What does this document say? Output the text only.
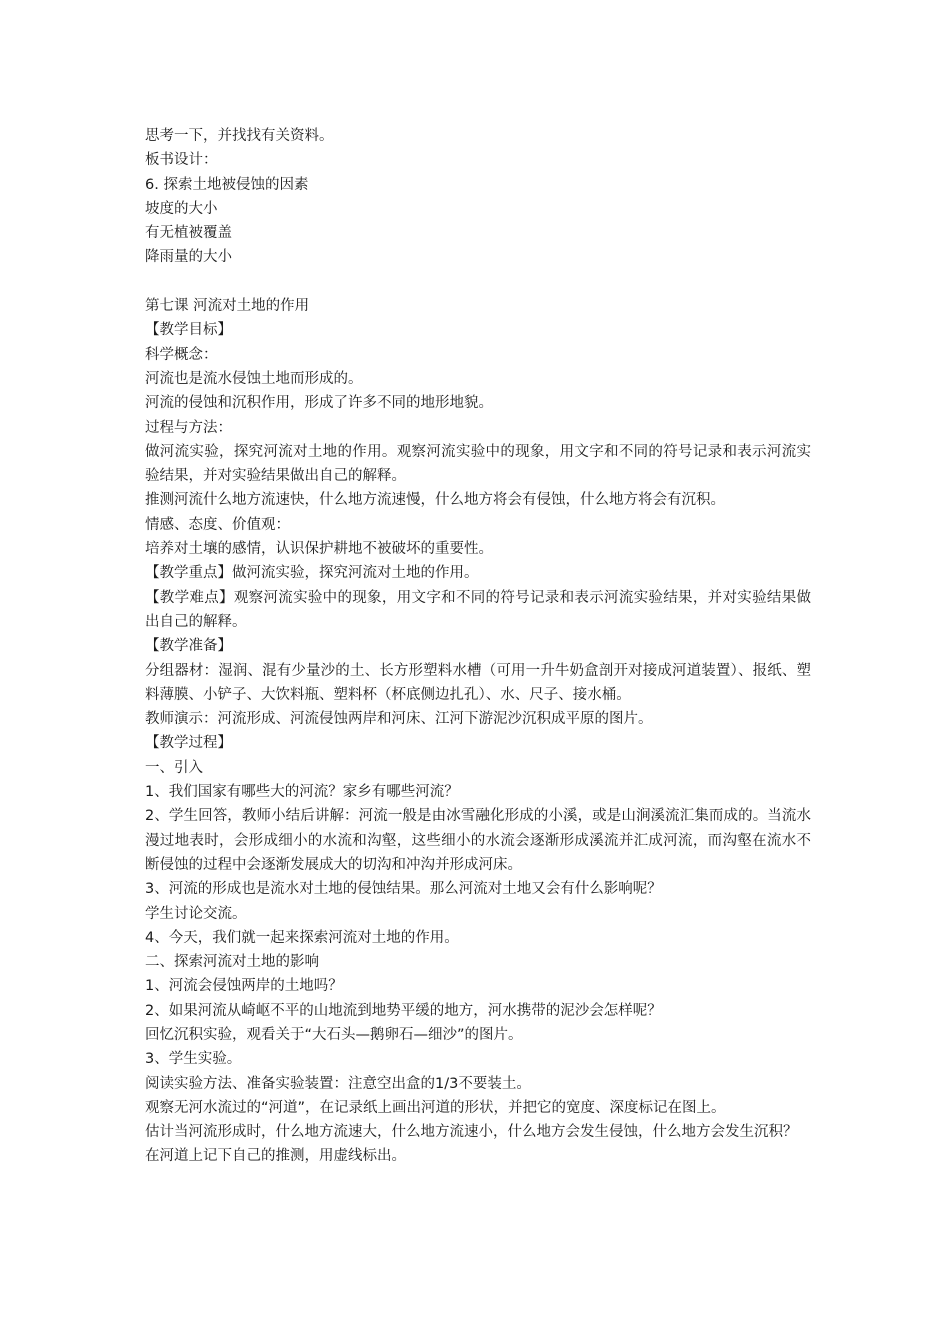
思考一下，并找找有关资料。

板书设计：

6. 探索土地被侵蚀的因素

坡度的大小

有无植被覆盖

降雨量的大小

第七课 河流对土地的作用

【教学目标】

科学概念：

河流也是流水侵蚀土地而形成的。

河流的侵蚀和沉积作用，形成了许多不同的地形地貌。

过程与方法：

做河流实验，探究河流对土地的作用。观察河流实验中的现象，用文字和不同的符号记录和表示河流实验结果，并对实验结果做出自己的解释。

推测河流什么地方流速快，什么地方流速慢，什么地方将会有侵蚀，什么地方将会有沉积。

情感、态度、价值观：

培养对土壤的感情，认识保护耕地不被破坏的重要性。

【教学重点】做河流实验，探究河流对土地的作用。

【教学难点】观察河流实验中的现象，用文字和不同的符号记录和表示河流实验结果，并对实验结果做出自己的解释。

【教学准备】

分组器材：湿润、混有少量沙的土、长方形塑料水槽（可用一升牛奶盒剖开对接成河道装置）、报纸、塑料薄膜、小铲子、大饮料瓶、塑料杯（杯底侧边扎孔）、水、尺子、接水桶。

教师演示：河流形成、河流侵蚀两岸和河床、江河下游泥沙沉积成平原的图片。

【教学过程】

一、引入

1、我们国家有哪些大的河流？家乡有哪些河流？

2、学生回答，教师小结后讲解：河流一般是由冰雪融化形成的小溪，或是山涧溪流汇集而成的。当流水漫过地表时，会形成细小的水流和沟壑，这些细小的水流会逐渐形成溪流并汇成河流，而沟壑在流水不断侵蚀的过程中会逐渐发展成大的切沟和冲沟并形成河床。

3、河流的形成也是流水对土地的侵蚀结果。那么河流对土地又会有什么影响呢？

学生讨论交流。

4、今天，我们就一起来探索河流对土地的作用。

二、探索河流对土地的影响

1、河流会侵蚀两岸的土地吗？

2、如果河流从崎岖不平的山地流到地势平缓的地方，河水携带的泥沙会怎样呢？

回忆沉积实验，观看关于“大石头—鹅卵石—细沙”的图片。

3、学生实验。

阅读实验方法、准备实验装置：注意空出盒的1/3不要装土。

观察无河水流过的“河道”，在记录纸上画出河道的形状，并把它的宽度、深度标记在图上。

估计当河流形成时，什么地方流速大，什么地方流速小，什么地方会发生侵蚀，什么地方会发生沉积？

在河道上记下自己的推测，用虚线标出。
